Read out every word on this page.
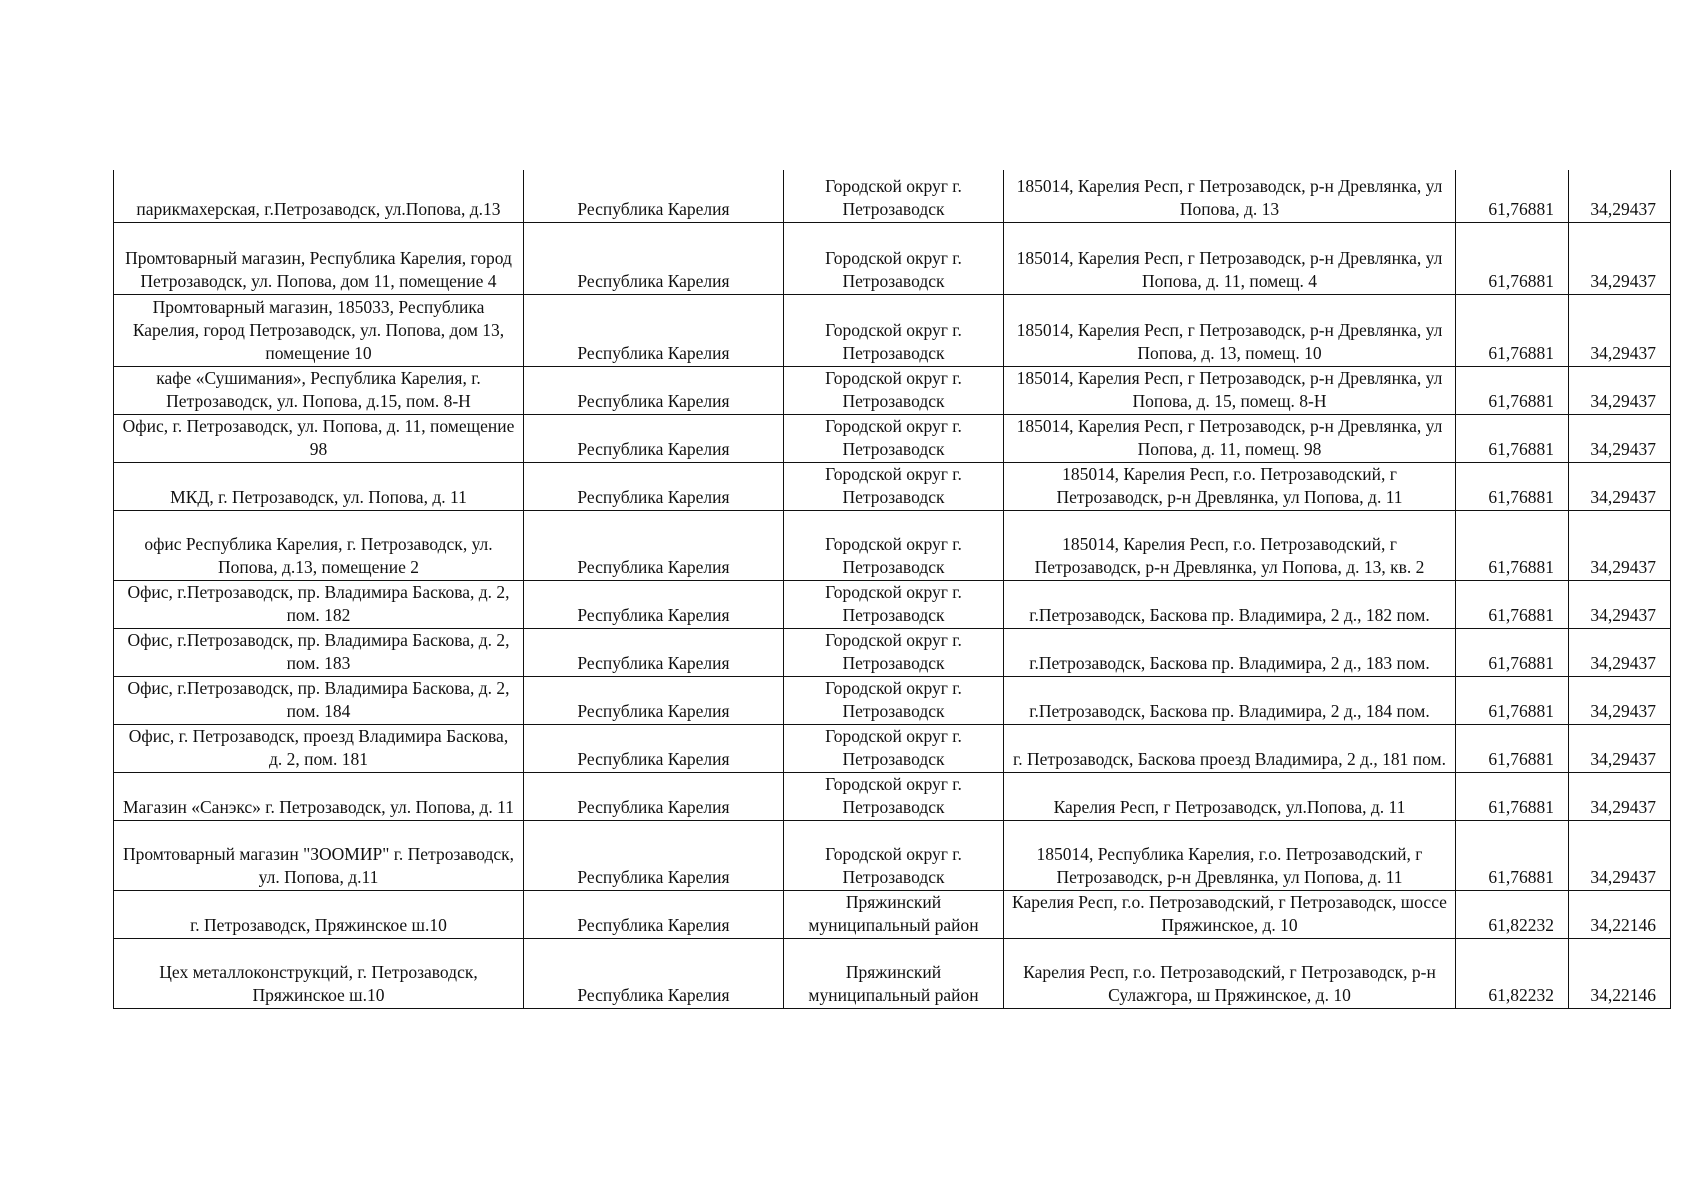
парикмахерская, г.Петрозаводск, ул.Попова, д.13	Республика Карелия	Городской округ г. Петрозаводск	185014, Карелия Респ, г Петрозаводск, р-н Древлянка, ул Попова, д. 13	61,76881	34,29437
Промтоварный магазин, Республика Карелия, город Петрозаводск, ул. Попова, дом 11, помещение 4	Республика Карелия	Городской округ г. Петрозаводск	185014, Карелия Респ, г Петрозаводск, р-н Древлянка, ул Попова, д. 11, помещ. 4	61,76881	34,29437
Промтоварный магазин, 185033, Республика Карелия, город Петрозаводск, ул. Попова, дом 13, помещение 10	Республика Карелия	Городской округ г. Петрозаводск	185014, Карелия Респ, г Петрозаводск, р-н Древлянка, ул Попова, д. 13, помещ. 10	61,76881	34,29437
кафе «Сушимания», Республика Карелия, г. Петрозаводск, ул. Попова, д.15, пом. 8-Н	Республика Карелия	Городской округ г. Петрозаводск	185014, Карелия Респ, г Петрозаводск, р-н Древлянка, ул Попова, д. 15, помещ. 8-Н	61,76881	34,29437
Офис, г. Петрозаводск, ул. Попова, д. 11, помещение 98	Республика Карелия	Городской округ г. Петрозаводск	185014, Карелия Респ, г Петрозаводск, р-н Древлянка, ул Попова, д. 11, помещ. 98	61,76881	34,29437
МКД, г. Петрозаводск, ул. Попова, д. 11	Республика Карелия	Городской округ г. Петрозаводск	185014, Карелия Респ, г.о. Петрозаводский, г Петрозаводск, р-н Древлянка, ул Попова, д. 11	61,76881	34,29437
офис Республика Карелия, г. Петрозаводск, ул. Попова, д.13, помещение 2	Республика Карелия	Городской округ г. Петрозаводск	185014, Карелия Респ, г.о. Петрозаводский, г Петрозаводск, р-н Древлянка, ул Попова, д. 13, кв. 2	61,76881	34,29437
Офис, г.Петрозаводск, пр. Владимира Баскова, д. 2, пом. 182	Республика Карелия	Городской округ г. Петрозаводск	г.Петрозаводск, Баскова пр. Владимира, 2 д., 182 пом.	61,76881	34,29437
Офис, г.Петрозаводск, пр. Владимира Баскова, д. 2, пом. 183	Республика Карелия	Городской округ г. Петрозаводск	г.Петрозаводск, Баскова пр. Владимира, 2 д., 183 пом.	61,76881	34,29437
Офис, г.Петрозаводск, пр. Владимира Баскова, д. 2, пом. 184	Республика Карелия	Городской округ г. Петрозаводск	г.Петрозаводск, Баскова пр. Владимира, 2 д., 184 пом.	61,76881	34,29437
Офис, г. Петрозаводск, проезд Владимира Баскова, д. 2, пом. 181	Республика Карелия	Городской округ г. Петрозаводск	г. Петрозаводск, Баскова проезд Владимира, 2 д., 181 пом.	61,76881	34,29437
Магазин «Санэкс» г. Петрозаводск, ул. Попова, д. 11	Республика Карелия	Городской округ г. Петрозаводск	Карелия Респ, г Петрозаводск, ул.Попова, д. 11	61,76881	34,29437
Промтоварный магазин "ЗООМИР" г. Петрозаводск, ул. Попова, д.11	Республика Карелия	Городской округ г. Петрозаводск	185014, Республика Карелия, г.о. Петрозаводский, г Петрозаводск, р-н Древлянка, ул Попова, д. 11	61,76881	34,29437
г. Петрозаводск, Пряжинское ш.10	Республика Карелия	Пряжинский муниципальный район	Карелия Респ, г.о. Петрозаводский, г Петрозаводск, шоссе Пряжинское, д. 10	61,82232	34,22146
Цех металлоконструкций, г. Петрозаводск, Пряжинское ш.10	Республика Карелия	Пряжинский муниципальный район	Карелия Респ, г.о. Петрозаводский, г Петрозаводск, р-н Сулажгора, ш Пряжинское, д. 10	61,82232	34,22146
